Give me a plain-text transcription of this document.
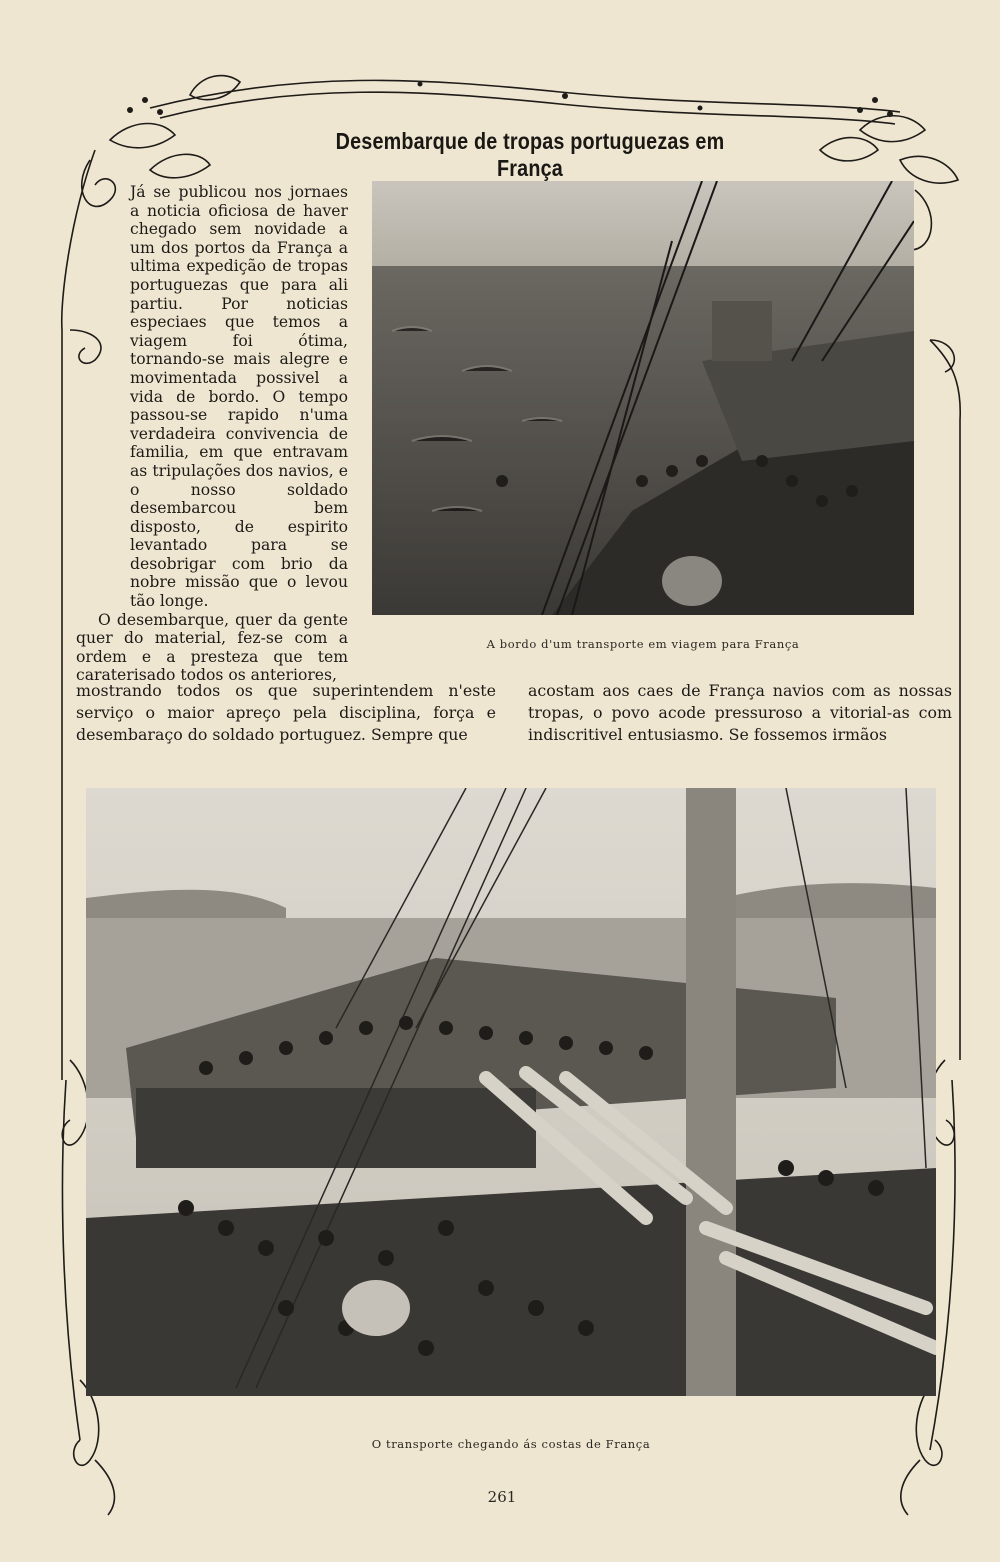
Desembarque de tropas portuguezas em França
A bordo d'um transporte em viagem para França

Já se publicou nos jornaes a noticia oficiosa de haver chegado sem novidade a um dos portos da França a ultima expedição de tropas portuguezas que para ali partiu. Por noticias especiaes que temos a viagem foi ótima, tornando-se mais alegre e movimentada possivel a vida de bordo. O tempo passou-se rapido n'uma verdadeira convivencia de familia, em que entravam as tripulações dos navios, e o nosso soldado desembarcou bem disposto, de espirito levantado para se desobrigar com brio da nobre missão que o levou tão longe.

O desembarque, quer da gente quer do material, fez-se com a ordem e a presteza que tem caraterisado todos os anteriores,

mostrando todos os que superintendem n'este serviço o maior apreço pela disciplina, força e desembaraço do soldado portuguez. Sempre que
acostam aos caes de França navios com as nossas tropas, o povo acode pressuroso a vitorial-as com indiscritivel entusiasmo. Se fossemos irmãos
O transporte chegando ás costas de França
261
